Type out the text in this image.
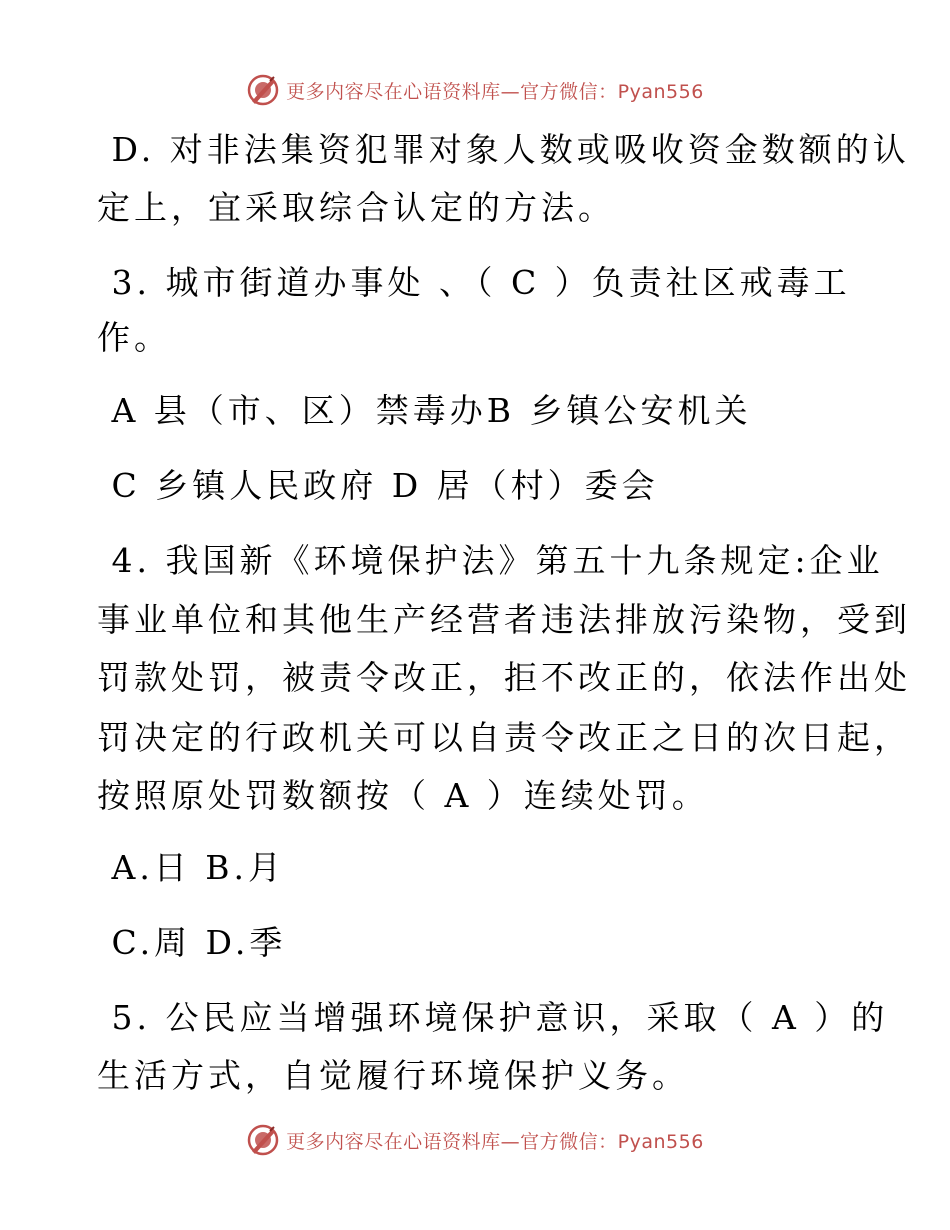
更多内容尽在心语资料库—官方微信：Pyan556
D. 对非法集资犯罪对象人数或吸收资金数额的认
定上，宜采取综合认定的方法。
3. 城市街道办事处 、（ C ）负责社区戒毒工
作。
A 县（市、区）禁毒办B 乡镇公安机关
C 乡镇人民政府 D 居（村）委会
4. 我国新《环境保护法》第五十九条规定:企业
事业单位和其他生产经营者违法排放污染物，受到
罚款处罚，被责令改正，拒不改正的，依法作出处
罚决定的行政机关可以自责令改正之日的次日起，
按照原处罚数额按（ A ）连续处罚。
A.日 B.月
C.周 D.季
5. 公民应当增强环境保护意识，采取（ A ）的
生活方式，自觉履行环境保护义务。
更多内容尽在心语资料库—官方微信：Pyan556
